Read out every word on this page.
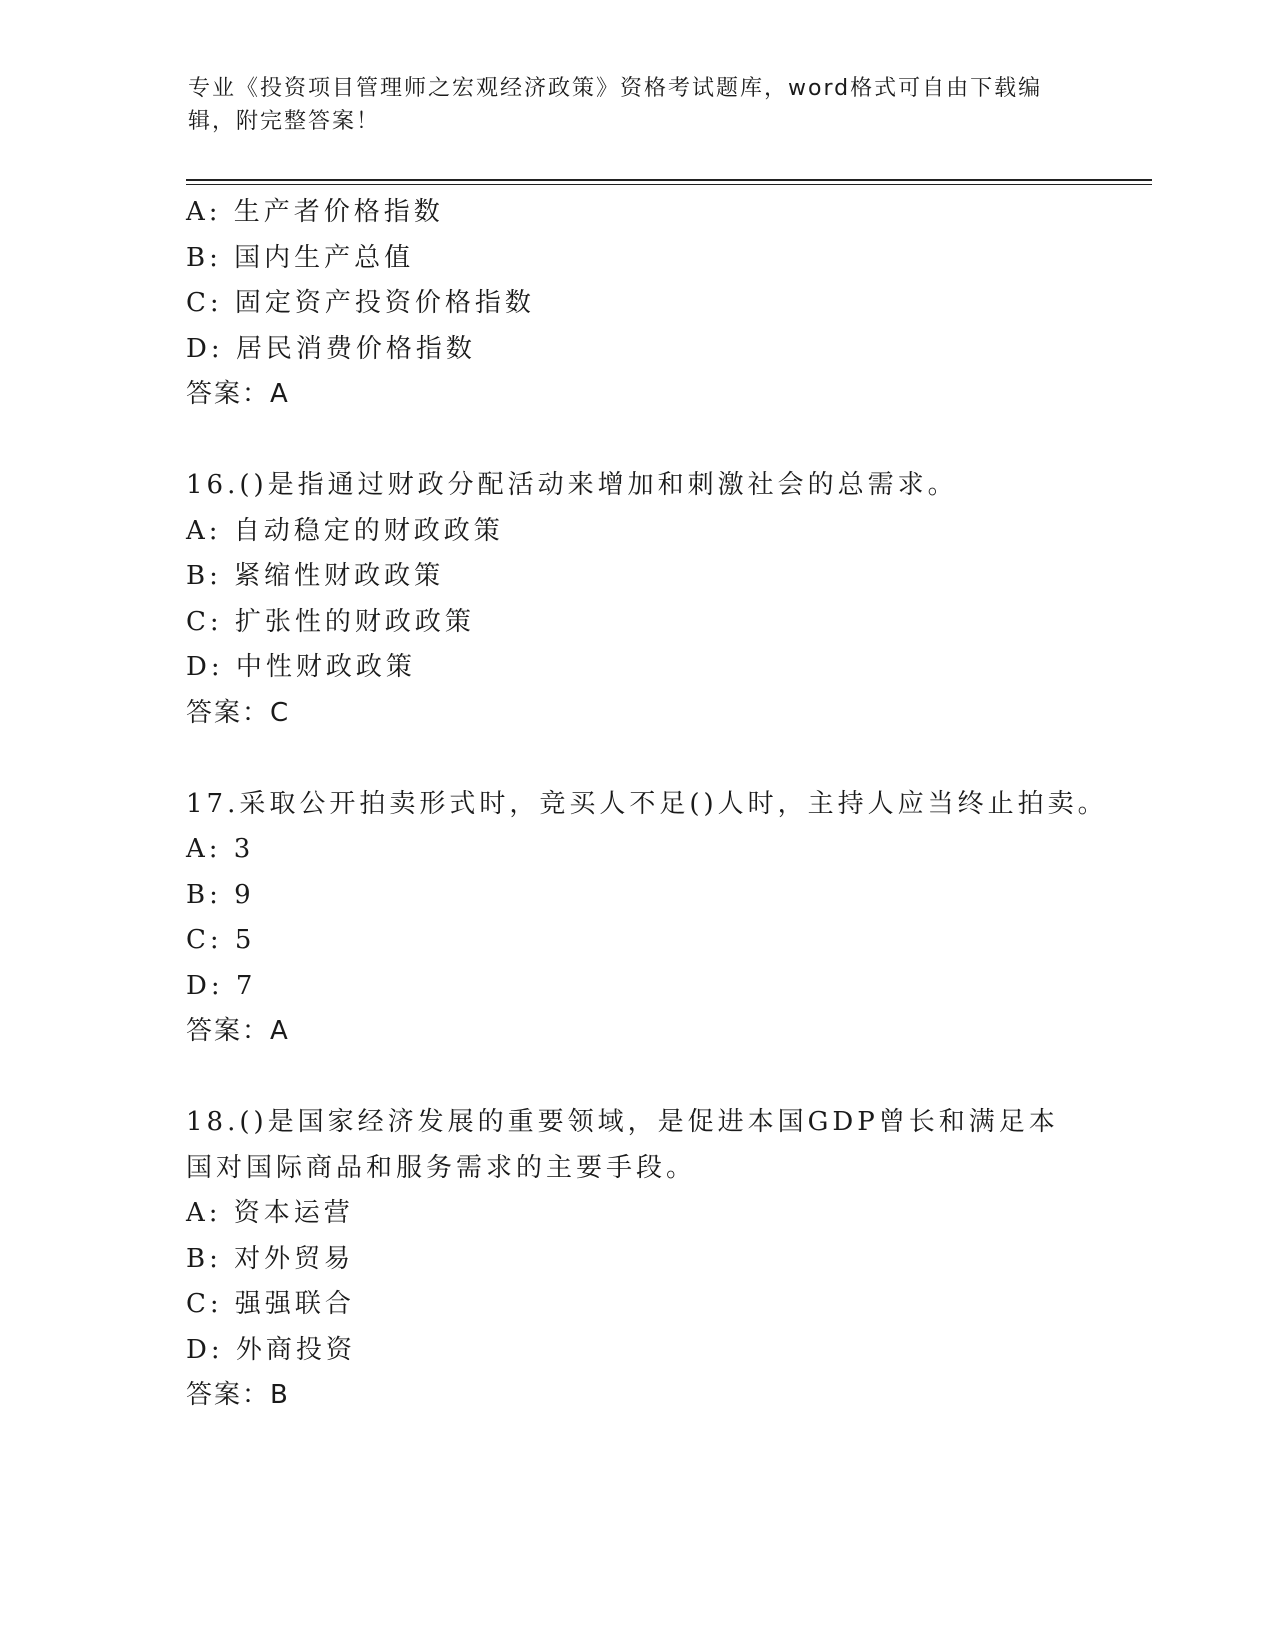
专业《投资项目管理师之宏观经济政策》资格考试题库，word格式可自由下载编辑，附完整答案！
A: 生产者价格指数
B: 国内生产总值
C: 固定资产投资价格指数
D: 居民消费价格指数
答案：A
16.()是指通过财政分配活动来增加和刺激社会的总需求。
A: 自动稳定的财政政策
B: 紧缩性财政政策
C: 扩张性的财政政策
D: 中性财政政策
答案：C
17.采取公开拍卖形式时，竞买人不足()人时，主持人应当终止拍卖。
A: 3
B: 9
C: 5
D: 7
答案：A
18.()是国家经济发展的重要领域，是促进本国GDP曾长和满足本国对国际商品和服务需求的主要手段。
A: 资本运营
B: 对外贸易
C: 强强联合
D: 外商投资
答案：B
